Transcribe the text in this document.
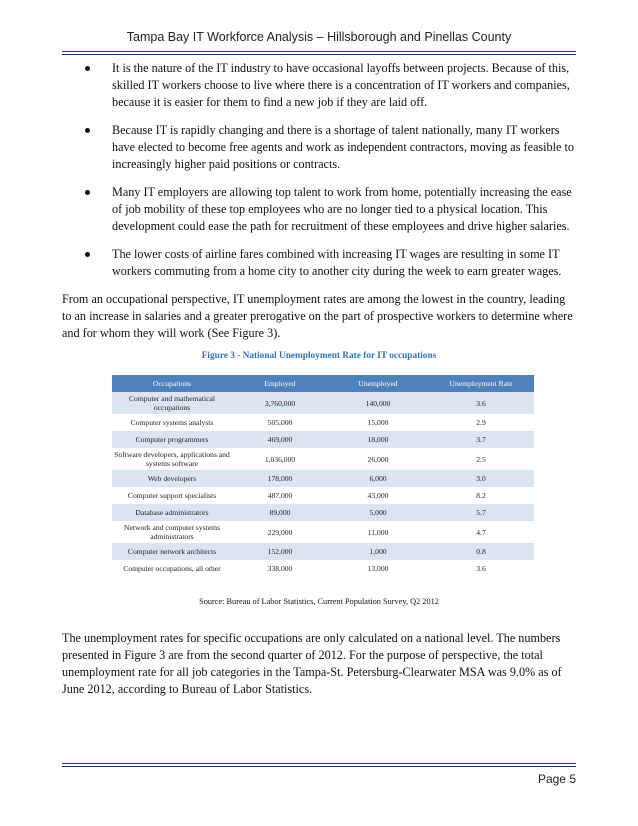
Tampa Bay IT Workforce Analysis – Hillsborough and Pinellas County
It is the nature of the IT industry to have occasional layoffs between projects. Because of this, skilled IT workers choose to live where there is a concentration of IT workers and companies, because it is easier for them to find a new job if they are laid off.
Because IT is rapidly changing and there is a shortage of talent nationally, many IT workers have elected to become free agents and work as independent contractors, moving as feasible to increasingly higher paid positions or contracts.
Many IT employers are allowing top talent to work from home, potentially increasing the ease of job mobility of these top employees who are no longer tied to a physical location. This development could ease the path for recruitment of these employees and drive higher salaries.
The lower costs of airline fares combined with increasing IT wages are resulting in some IT workers commuting from a home city to another city during the week to earn greater wages.

From an occupational perspective, IT unemployment rates are among the lowest in the country, leading to an increase in salaries and a greater prerogative on the part of prospective workers to determine where and for whom they will work (See Figure 3).

Figure 3 - National Unemployment Rate for IT occupations
Occupations	Employed	Unemployed	Unemployment Rate
Computer and mathematical occupations	3,760,000	140,000	3.6
Computer systems analysts	505,000	15,000	2.9
Computer programmers	469,000	18,000	3.7
Software developers, applications and systems software	1,036,000	26,000	2.5
Web developers	178,000	6,000	3.0
Computer support specialists	487,000	43,000	8.2
Database administrators	89,000	5,000	5.7
Network and computer systems administrators	229,000	11,000	4.7
Computer network architects	152,000	1,000	0.8
Computer occupations, all other	338,000	13,000	3.6
Source: Bureau of Labor Statistics, Current Population Survey, Q2 2012

The unemployment rates for specific occupations are only calculated on a national level. The numbers presented in Figure 3 are from the second quarter of 2012. For the purpose of perspective, the total unemployment rate for all job categories in the Tampa-St. Petersburg-Clearwater MSA was 9.0% as of June 2012, according to Bureau of Labor Statistics.

Page 5
